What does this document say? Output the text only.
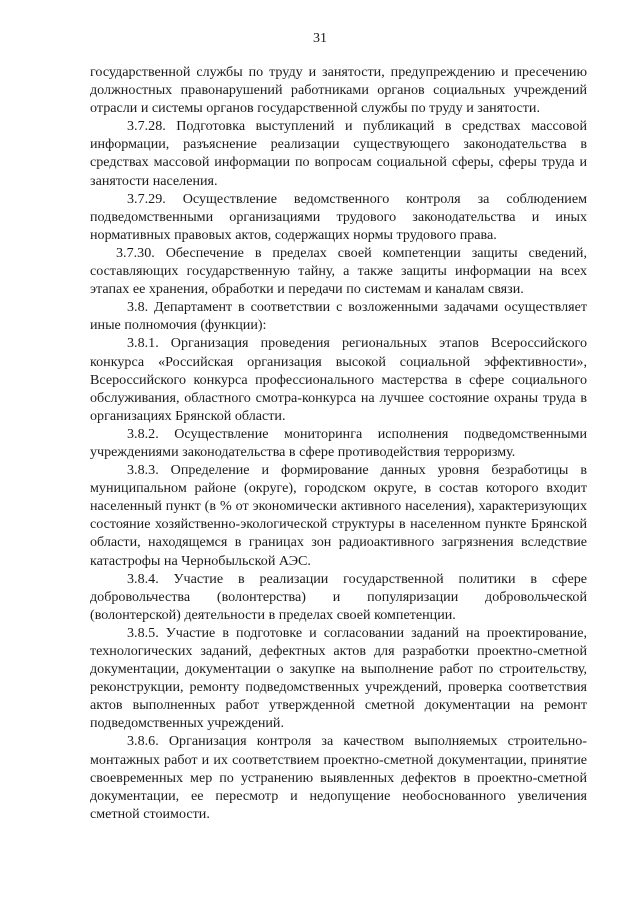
31

государственной службы по труду и занятости, предупреждению и пресечению должностных правонарушений работниками органов социальных учреждений отрасли и системы органов государственной службы по труду и занятости.

3.7.28. Подготовка выступлений и публикаций в средствах массовой информации, разъяснение реализации существующего законодательства в средствах массовой информации по вопросам социальной сферы, сферы труда и занятости населения.

3.7.29. Осуществление ведомственного контроля за соблюдением подведомственными организациями трудового законодательства и иных нормативных правовых актов, содержащих нормы трудового права.

3.7.30. Обеспечение в пределах своей компетенции защиты сведений, составляющих государственную тайну, а также защиты информации на всех этапах ее хранения, обработки и передачи по системам и каналам связи.

3.8. Департамент в соответствии с возложенными задачами осуществляет иные полномочия (функции):

3.8.1. Организация проведения региональных этапов Всероссийского конкурса «Российская организация высокой социальной эффективности», Всероссийского конкурса профессионального мастерства в сфере социального обслуживания, областного смотра-конкурса на лучшее состояние охраны труда в организациях Брянской области.

3.8.2. Осуществление мониторинга исполнения подведомственными учреждениями законодательства в сфере противодействия терроризму.

3.8.3. Определение и формирование данных уровня безработицы в муниципальном районе (округе), городском округе, в состав которого входит населенный пункт (в % от экономически активного населения), характеризующих состояние хозяйственно-экологической структуры в населенном пункте Брянской области, находящемся в границах зон радиоактивного загрязнения вследствие катастрофы на Чернобыльской АЭС.

3.8.4. Участие в реализации государственной политики в сфере добровольчества (волонтерства) и популяризации добровольческой (волонтерской) деятельности в пределах своей компетенции.

3.8.5. Участие в подготовке и согласовании заданий на проектирование, технологических заданий, дефектных актов для разработки проектно-сметной документации, документации о закупке на выполнение работ по строительству, реконструкции, ремонту подведомственных учреждений, проверка соответствия актов выполненных работ утвержденной сметной документации на ремонт подведомственных учреждений.

3.8.6. Организация контроля за качеством выполняемых строительно-монтажных работ и их соответствием проектно-сметной документации, принятие своевременных мер по устранению выявленных дефектов в проектно-сметной документации, ее пересмотр и недопущение необоснованного увеличения сметной стоимости.
